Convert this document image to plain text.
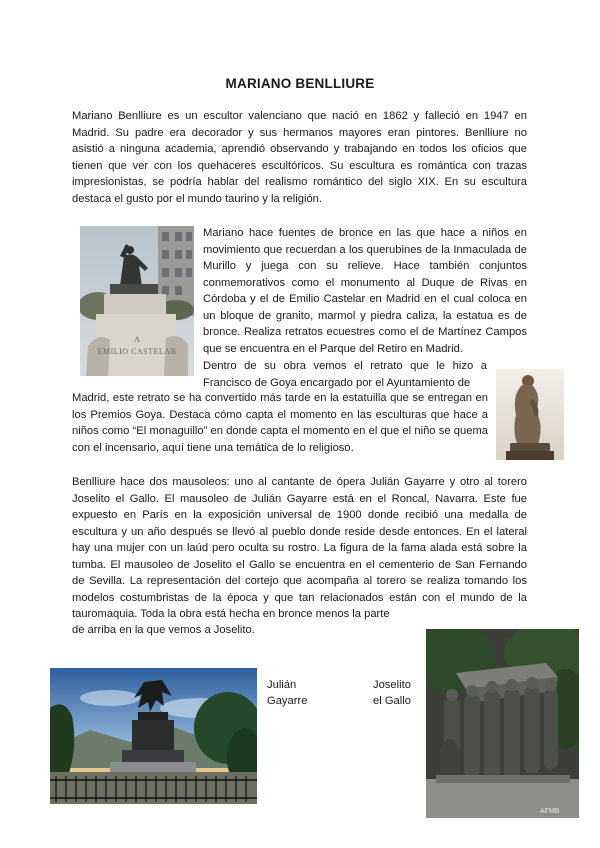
MARIANO BENLLIURE
Mariano Benlliure es un escultor valenciano que nació en 1862 y falleció en 1947 en Madrid. Su padre era decorador y sus hermanos mayores eran pintores. Benlliure no asistió a ninguna academia, aprendió observando y trabajando en todos los oficios que tienen que ver con los quehaceres escultóricos. Su escultura es romántica con trazas impresionistas, se podría hablar del realismo romántico del siglo XIX. En su escultura destaca el gusto por el mundo taurino y la religión.
A
EMILIO CASTELAR
Mariano hace fuentes de bronce en las que hace a niños en movimiento que recuerdan a los querubines de la Inmaculada de Murillo y juega con su relieve. Hace también conjuntos conmemorativos como el monumento al Duque de Rivas en Córdoba y el de Emilio Castelar en Madrid en el cual coloca en un bloque de granito, marmol y piedra caliza, la estatua es de bronce. Realiza retratos ecuestres como el de Martínez Campos que se encuentra en el Parque del Retiro en Madrid.
Dentro de su obra vemos el retrato que le hizo a Francisco de Goya encargado por el Ayuntamiento de
Madrid, este retrato se ha convertido más tarde en la estatuilla que se entregan en los Premios Goya. Destaca cómo capta el momento en las esculturas que hace a niños como “El monaguillo” en donde capta el momento en el que el niño se quema con el incensario, aquí tiene una temática de lo religioso.
Benlliure hace dos mausoleos: uno al cantante de ópera Julián Gayarre y otro al torero Joselito el Gallo. El mausoleo de Julián Gayarre está en el Roncal, Navarra. Este fue expuesto en París en la exposición universal de 1900 donde recibió una medalla de escultura y un año después se llevó al pueblo donde reside desde entonces. En el lateral hay una mujer con un laúd pero oculta su rostro. La figura de la fama alada está sobre la tumba. El mausoleo de Joselito el Gallo se encuentra en el cementerio de San Fernando de Sevilla. La representación del cortejo que acompaña al torero se realiza tomando los modelos costumbristas de la época y que tan relacionados están con el mundo de la tauromaquia. Toda la obra está hecha en bronce menos la parte
de arriba en la que vemos a Joselito.
Julián
Gayarre
Joselito
el Gallo
AFMB
